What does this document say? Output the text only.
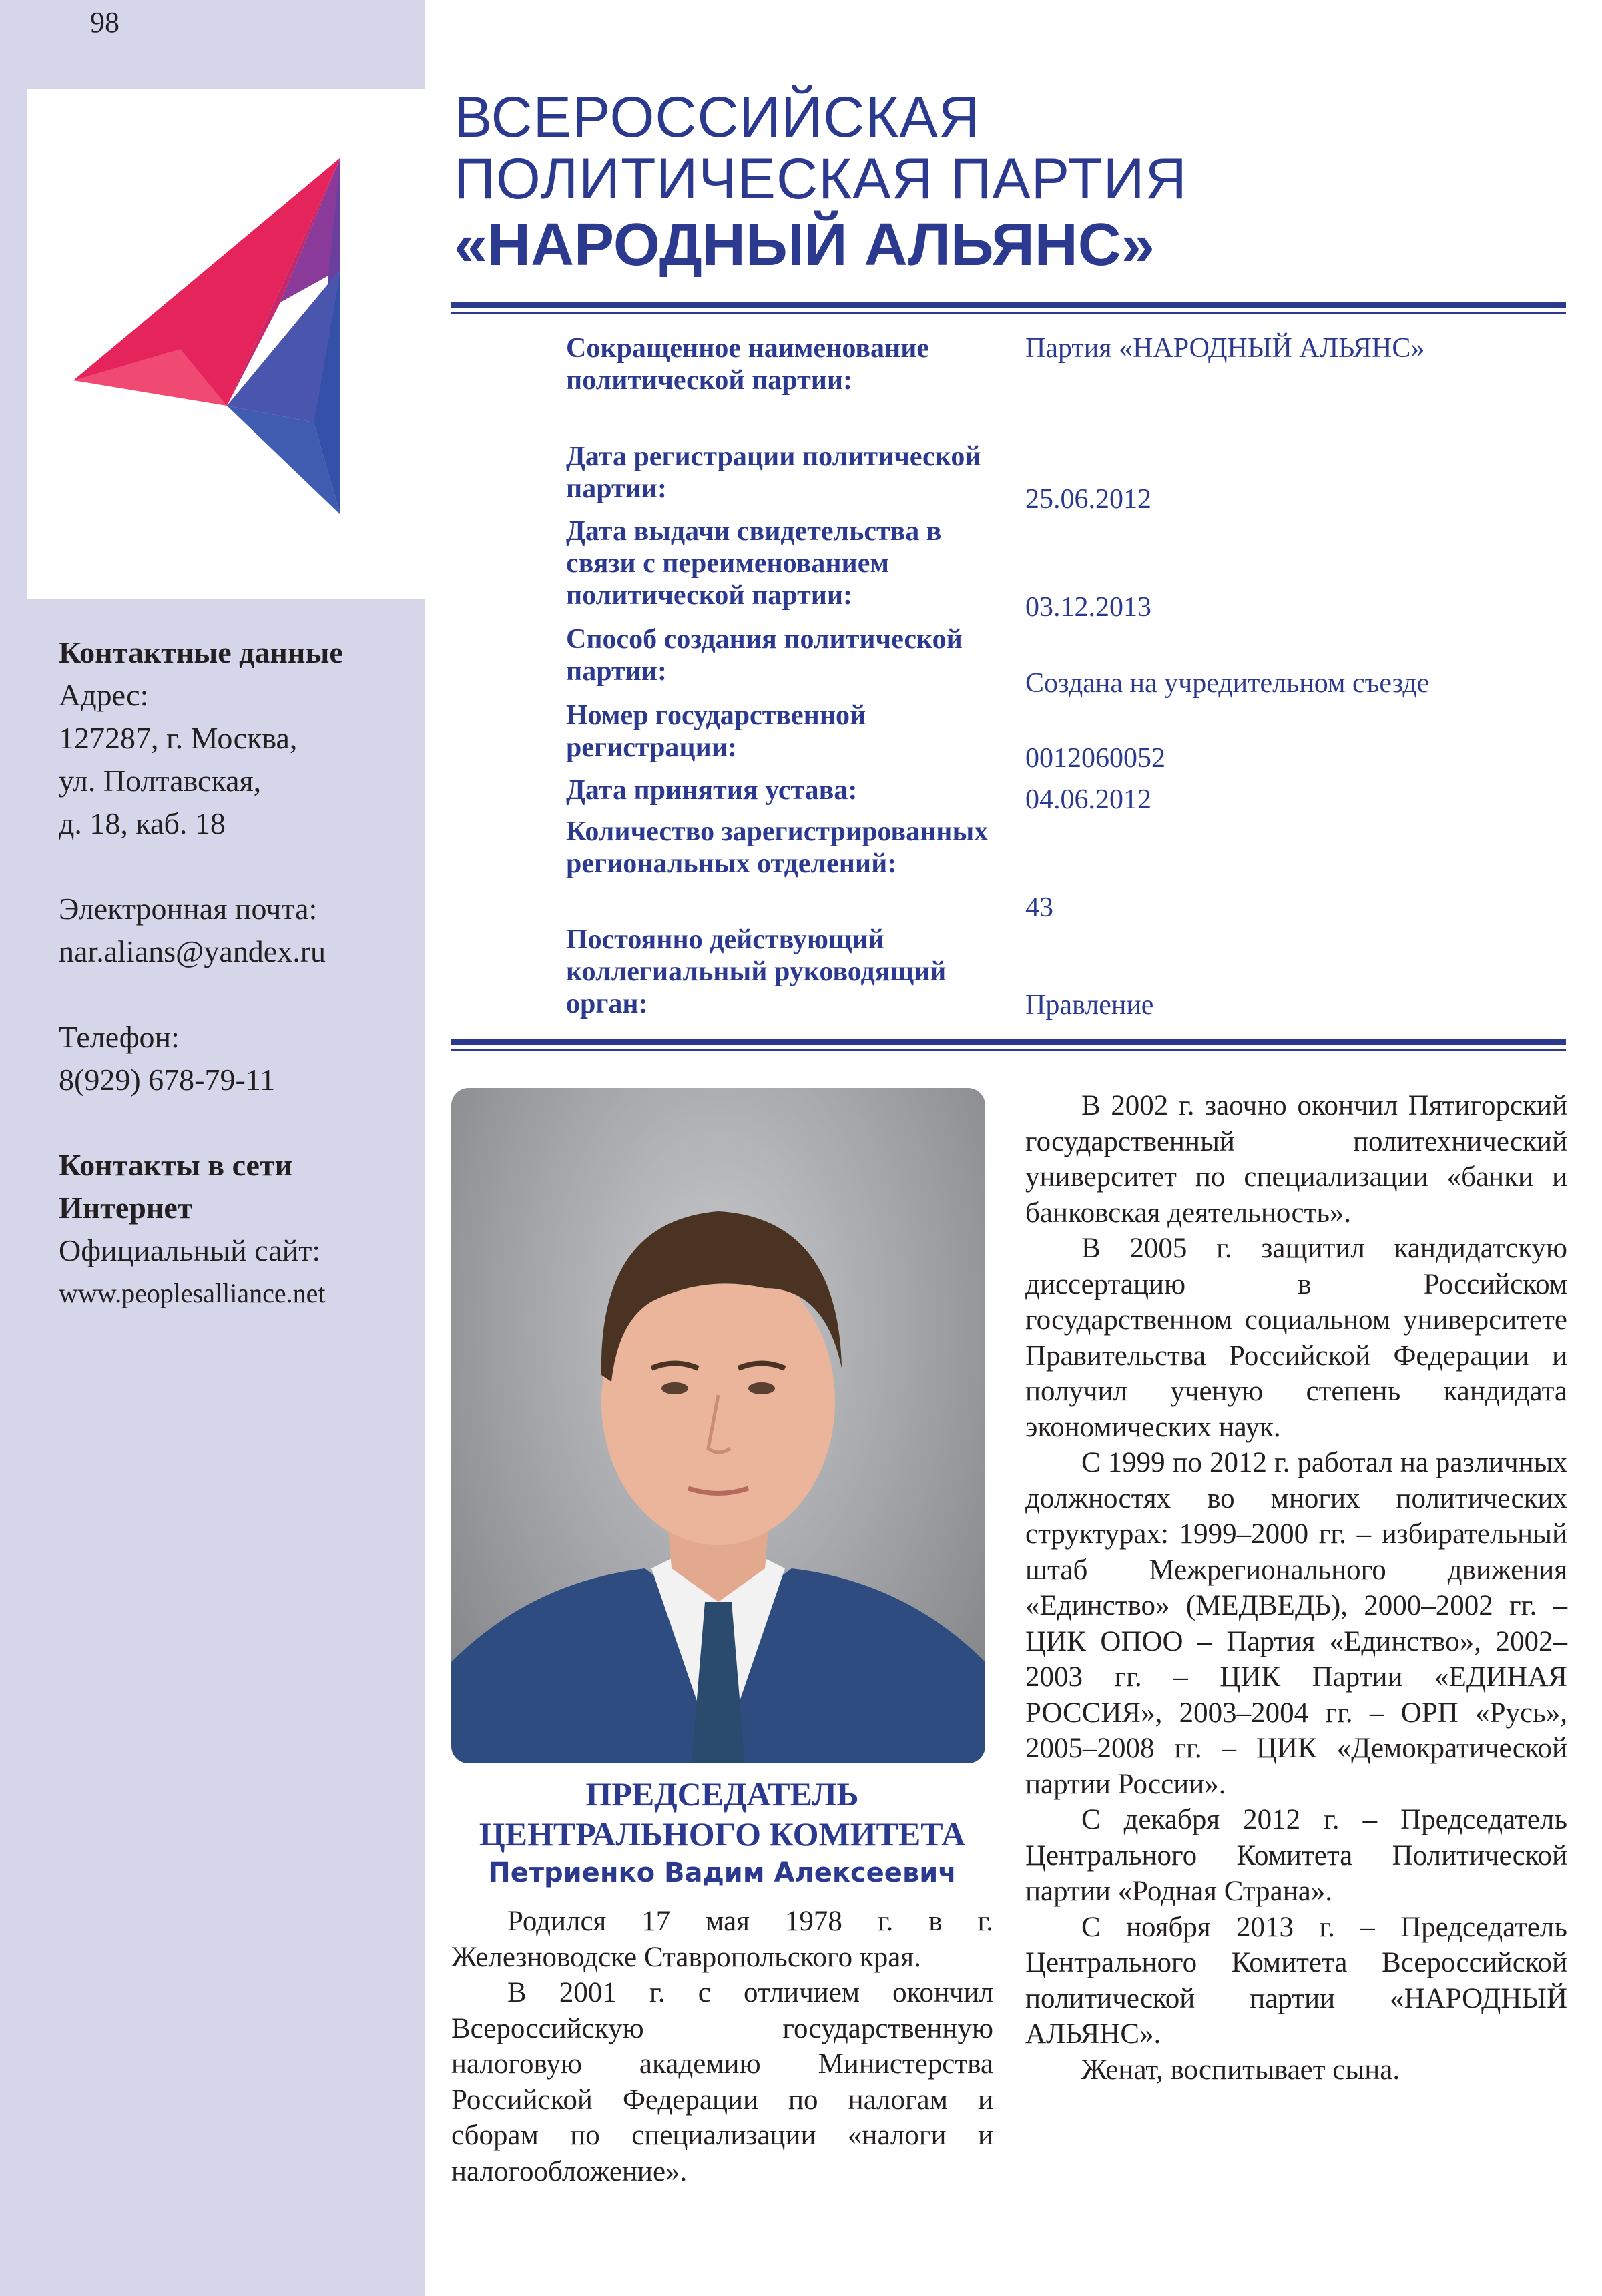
98
Контактные данные
Адрес:
127287, г. Москва,
ул. Полтавская,
д. 18, каб. 18
Электронная почта:
nar.alians@yandex.ru
Телефон:
8(929) 678-79-11
Контакты в сети
Интернет
Официальный сайт:
www.peoplesalliance.net
ВСЕРОССИЙСКАЯ
ПОЛИТИЧЕСКАЯ ПАРТИЯ
«НАРОДНЫЙ АЛЬЯНС»
Сокращенное наименование политической партии:
Партия «НАРОДНЫЙ АЛЬЯНС»
Дата регистрации политической партии:	25.06.2012
Дата выдачи свидетельства в связи с переименованием политической партии:	03.12.2013
Способ создания политической партии:	Создана на учредительном съезде
Номер государственной регистрации:	0012060052
Дата принятия устава:	04.06.2012
Количество зарегистрированных региональных отделений:
43
Постоянно действующий коллегиальный руководящий орган:	Правление
ПРЕДСЕДАТЕЛЬ
ЦЕНТРАЛЬНОГО КОМИТЕТА
Петриенко Вадим Алексеевич

Родился 17 мая 1978 г. в г. Железноводске Ставропольского края.

В 2001 г. с отличием окончил Всероссийскую государственную налоговую академию Министерства Российской Федерации по налогам и сборам по специализации «налоги и налогообложение».

В 2002 г. заочно окончил Пятигорский государственный политехнический университет по специализации «банки и банковская деятельность».

В 2005 г. защитил кандидатскую диссертацию в Российском государственном социальном университете Правительства Российской Федерации и получил ученую степень кандидата экономических наук.

С 1999 по 2012 г. работал на различных должностях во многих политических структурах: 1999–2000 гг. – избирательный штаб Межрегионального движения «Единство» (МЕДВЕДЬ), 2000–2002 гг. – ЦИК ОПОО – Партия «Единство», 2002–2003 гг. – ЦИК Партии «ЕДИНАЯ РОССИЯ», 2003–2004 гг. – ОРП «Русь», 2005–2008 гг. – ЦИК «Демократической партии России».

С декабря 2012 г. – Председатель Центрального Комитета Политической партии «Родная Страна».

С ноября 2013 г. – Председатель Центрального Комитета Всероссийской политической партии «НАРОДНЫЙ АЛЬЯНС».

Женат, воспитывает сына.
